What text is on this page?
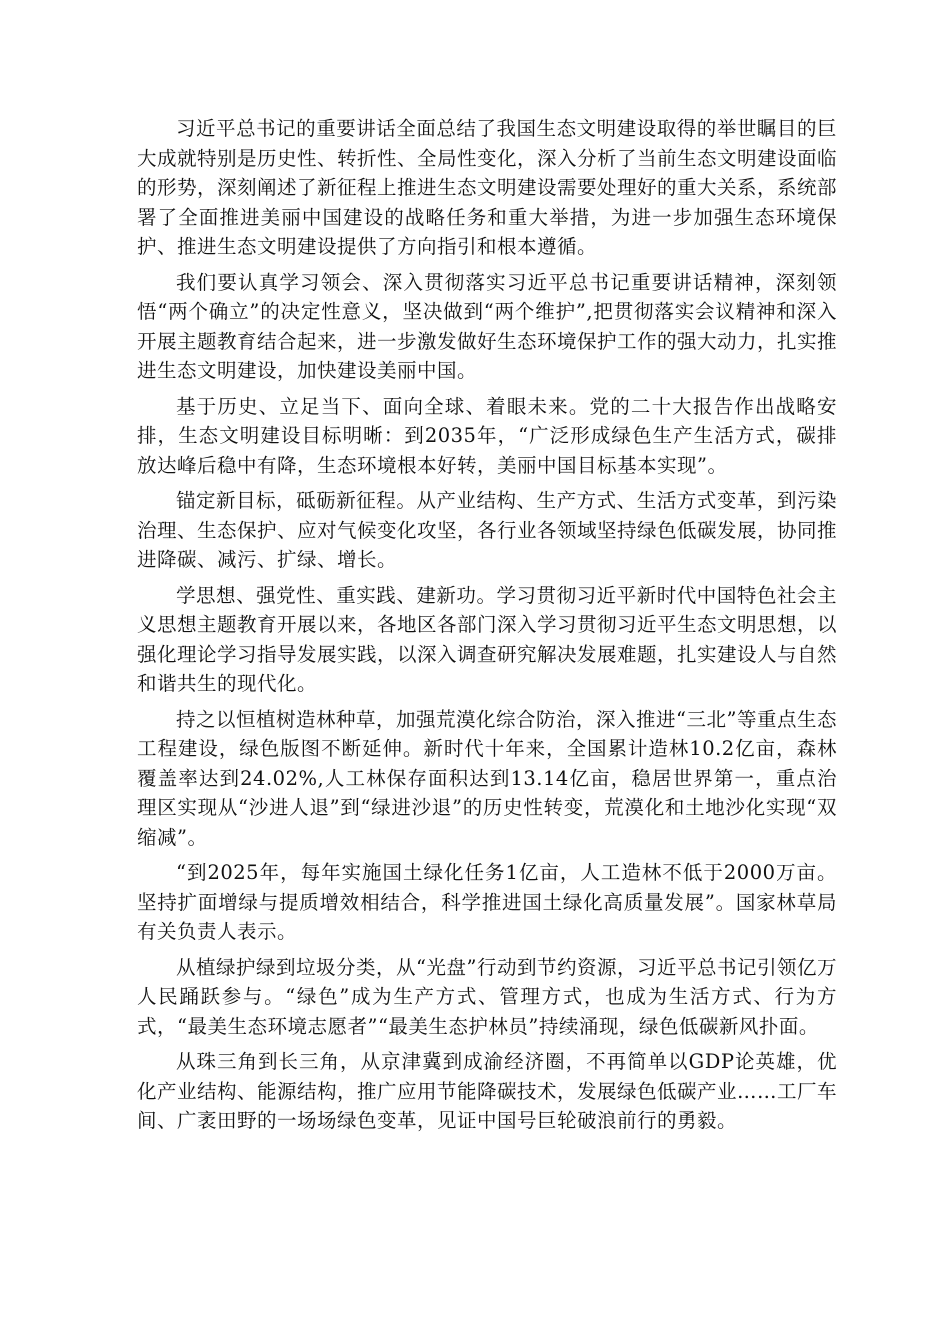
习近平总书记的重要讲话全面总结了我国生态文明建设取得的举世瞩目的巨大成就特别是历史性、转折性、全局性变化，深入分析了当前生态文明建设面临的形势，深刻阐述了新征程上推进生态文明建设需要处理好的重大关系，系统部署了全面推进美丽中国建设的战略任务和重大举措，为进一步加强生态环境保护、推进生态文明建设提供了方向指引和根本遵循。

我们要认真学习领会、深入贯彻落实习近平总书记重要讲话精神，深刻领悟“两个确立”的决定性意义，坚决做到“两个维护”,把贯彻落实会议精神和深入开展主题教育结合起来，进一步激发做好生态环境保护工作的强大动力，扎实推进生态文明建设，加快建设美丽中国。

基于历史、立足当下、面向全球、着眼未来。党的二十大报告作出战略安排，生态文明建设目标明晰：到2035年，“广泛形成绿色生产生活方式，碳排放达峰后稳中有降，生态环境根本好转，美丽中国目标基本实现”。

锚定新目标，砥砺新征程。从产业结构、生产方式、生活方式变革，到污染治理、生态保护、应对气候变化攻坚，各行业各领域坚持绿色低碳发展，协同推进降碳、减污、扩绿、增长。

学思想、强党性、重实践、建新功。学习贯彻习近平新时代中国特色社会主义思想主题教育开展以来，各地区各部门深入学习贯彻习近平生态文明思想，以强化理论学习指导发展实践，以深入调查研究解决发展难题，扎实建设人与自然和谐共生的现代化。

持之以恒植树造林种草，加强荒漠化综合防治，深入推进“三北”等重点生态工程建设，绿色版图不断延伸。新时代十年来，全国累计造林10.2亿亩，森林覆盖率达到24.02%,人工林保存面积达到13.14亿亩，稳居世界第一，重点治理区实现从“沙进人退”到“绿进沙退”的历史性转变，荒漠化和土地沙化实现“双缩减”。

“到2025年，每年实施国土绿化任务1亿亩，人工造林不低于2000万亩。坚持扩面增绿与提质增效相结合，科学推进国土绿化高质量发展”。国家林草局有关负责人表示。

从植绿护绿到垃圾分类，从“光盘”行动到节约资源，习近平总书记引领亿万人民踊跃参与。“绿色”成为生产方式、管理方式，也成为生活方式、行为方式，“最美生态环境志愿者”“最美生态护林员”持续涌现，绿色低碳新风扑面。

从珠三角到长三角，从京津冀到成渝经济圈，不再简单以GDP论英雄，优化产业结构、能源结构，推广应用节能降碳技术，发展绿色低碳产业……工厂车间、广袤田野的一场场绿色变革，见证中国号巨轮破浪前行的勇毅。
